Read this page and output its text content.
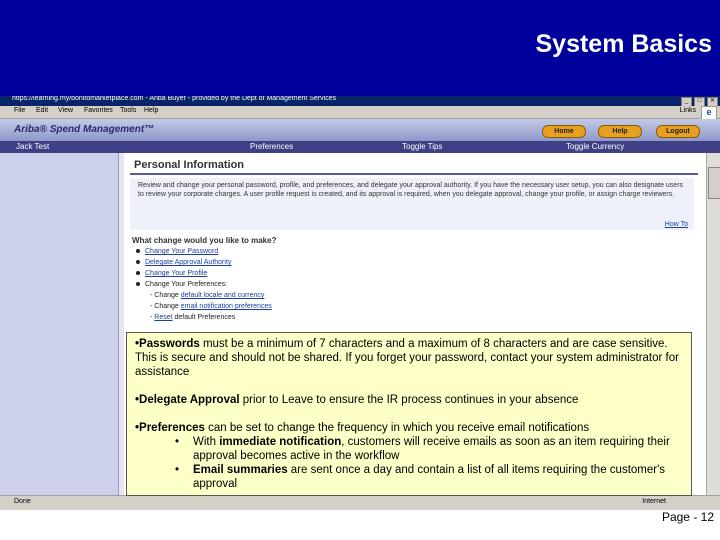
System Basics
https://learning.my/bonitomarketplace.com - Ariba Buyer - provided by the Dept of Management Services	_	□	✕
File Edit View Favorites Tools Help	Links	e
Ariba® Spend Management™	Home	Help	Logout
Jack Test	Preferences	Toggle Tips	Toggle Currency
Personal Information
Review and change your personal password, profile, and preferences, and delegate your approval authority. If you have the necessary user setup, you can also designate users to review your corporate charges. A user profile request is created, and its approval is required, when you delegate approval, change your profile, or assign charge reviewers.
How To
What change would you like to make?
Change Your Password
Delegate Approval Authority
Change Your Profile
Change Your Preferences:
- Change default locale and currency
- Change email notification preferences
- Reset default Preferences
Done	Internet

•Passwords must be a minimum of 7 characters and a maximum of 8 characters and are case sensitive. This is secure and should not be shared. If you forget your password, contact your system administrator for assistance

•Delegate Approval prior to Leave to ensure the IR process continues in your absence

•Preferences can be set to change the frequency in which you receive email notifications

• With immediate notification, customers will receive emails as soon as an item requiring their approval becomes active in the workflow

• Email summaries are sent once a day and contain a list of all items requiring the customer's approval

Page - 12
